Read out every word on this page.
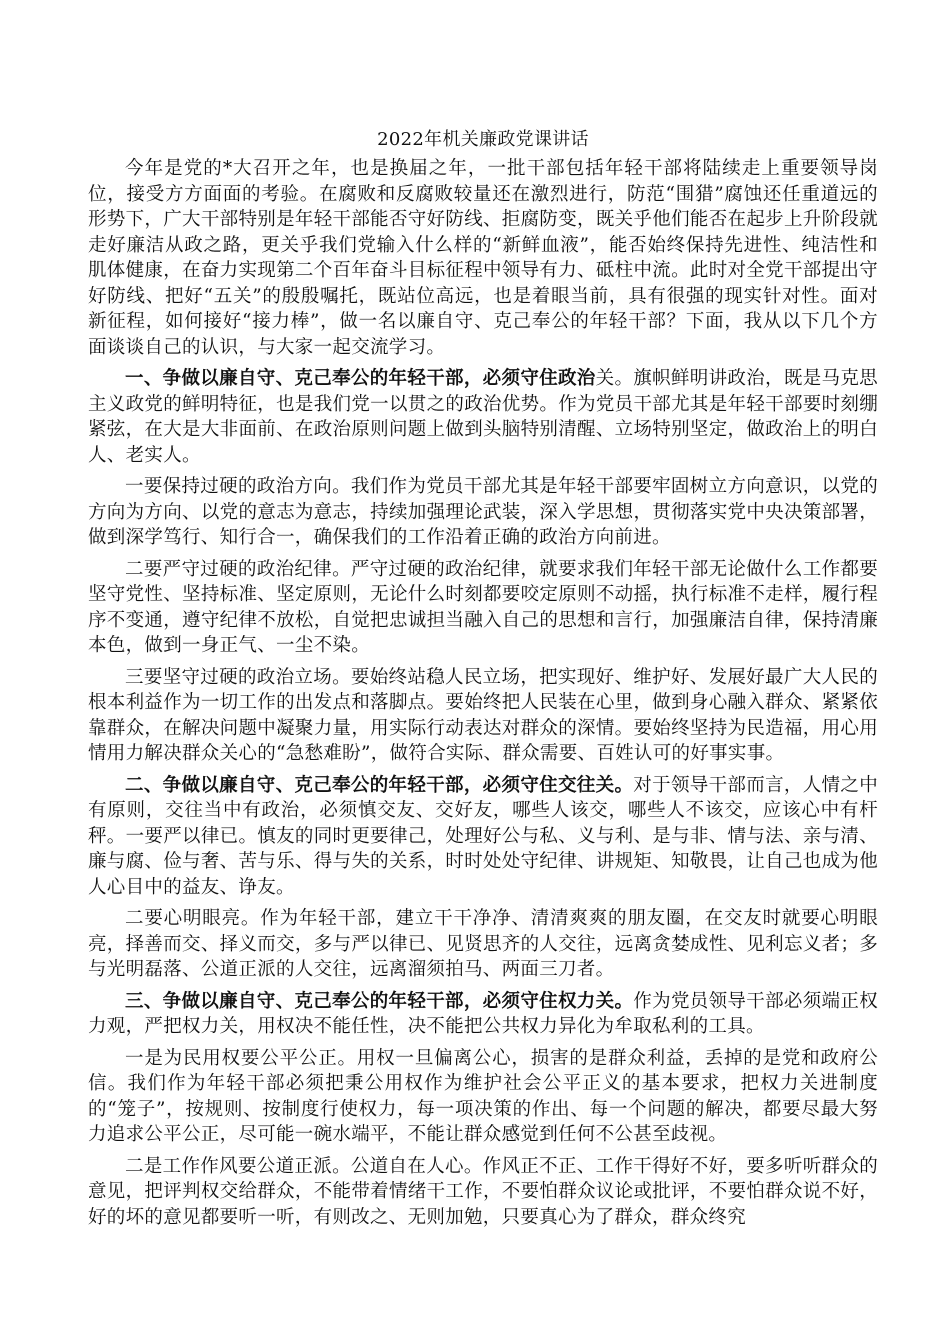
2022年机关廉政党课讲话

今年是党的*大召开之年，也是换届之年，一批干部包括年轻干部将陆续走上重要领导岗位，接受方方面面的考验。在腐败和反腐败较量还在激烈进行，防范“围猎”腐蚀还任重道远的形势下，广大干部特别是年轻干部能否守好防线、拒腐防变，既关乎他们能否在起步上升阶段就走好廉洁从政之路，更关乎我们党输入什么样的“新鲜血液”，能否始终保持先进性、纯洁性和肌体健康，在奋力实现第二个百年奋斗目标征程中领导有力、砥柱中流。此时对全党干部提出守好防线、把好“五关”的殷殷嘱托，既站位高远，也是着眼当前，具有很强的现实针对性。面对新征程，如何接好“接力棒”，做一名以廉自守、克己奉公的年轻干部？下面，我从以下几个方面谈谈自己的认识，与大家一起交流学习。

一、争做以廉自守、克己奉公的年轻干部，必须守住政治关。旗帜鲜明讲政治，既是马克思主义政党的鲜明特征，也是我们党一以贯之的政治优势。作为党员干部尤其是年轻干部要时刻绷紧弦，在大是大非面前、在政治原则问题上做到头脑特别清醒、立场特别坚定，做政治上的明白人、老实人。

一要保持过硬的政治方向。我们作为党员干部尤其是年轻干部要牢固树立方向意识，以党的方向为方向、以党的意志为意志，持续加强理论武装，深入学思想，贯彻落实党中央决策部署，做到深学笃行、知行合一，确保我们的工作沿着正确的政治方向前进。

二要严守过硬的政治纪律。严守过硬的政治纪律，就要求我们年轻干部无论做什么工作都要坚守党性、坚持标准、坚定原则，无论什么时刻都要咬定原则不动摇，执行标准不走样，履行程序不变通，遵守纪律不放松，自觉把忠诚担当融入自己的思想和言行，加强廉洁自律，保持清廉本色，做到一身正气、一尘不染。

三要坚守过硬的政治立场。要始终站稳人民立场，把实现好、维护好、发展好最广大人民的根本利益作为一切工作的出发点和落脚点。要始终把人民装在心里，做到身心融入群众、紧紧依靠群众，在解决问题中凝聚力量，用实际行动表达对群众的深情。要始终坚持为民造福，用心用情用力解决群众关心的“急愁难盼”，做符合实际、群众需要、百姓认可的好事实事。

二、争做以廉自守、克己奉公的年轻干部，必须守住交往关。对于领导干部而言，人情之中有原则，交往当中有政治，必须慎交友、交好友，哪些人该交，哪些人不该交，应该心中有杆秤。一要严以律已。慎友的同时更要律己，处理好公与私、义与利、是与非、情与法、亲与清、廉与腐、俭与奢、苦与乐、得与失的关系，时时处处守纪律、讲规矩、知敬畏，让自己也成为他人心目中的益友、诤友。

二要心明眼亮。作为年轻干部，建立干干净净、清清爽爽的朋友圈，在交友时就要心明眼亮，择善而交、择义而交，多与严以律已、见贤思齐的人交往，远离贪婪成性、见利忘义者；多与光明磊落、公道正派的人交往，远离溜须拍马、两面三刀者。

三、争做以廉自守、克己奉公的年轻干部，必须守住权力关。作为党员领导干部必须端正权力观，严把权力关，用权决不能任性，决不能把公共权力异化为牟取私利的工具。

一是为民用权要公平公正。用权一旦偏离公心，损害的是群众利益，丢掉的是党和政府公信。我们作为年轻干部必须把秉公用权作为维护社会公平正义的基本要求，把权力关进制度的“笼子”，按规则、按制度行使权力，每一项决策的作出、每一个问题的解决，都要尽最大努力追求公平公正，尽可能一碗水端平，不能让群众感觉到任何不公甚至歧视。

二是工作作风要公道正派。公道自在人心。作风正不正、工作干得好不好，要多听听群众的意见，把评判权交给群众，不能带着情绪干工作，不要怕群众议论或批评，不要怕群众说不好，好的坏的意见都要听一听，有则改之、无则加勉，只要真心为了群众，群众终究
